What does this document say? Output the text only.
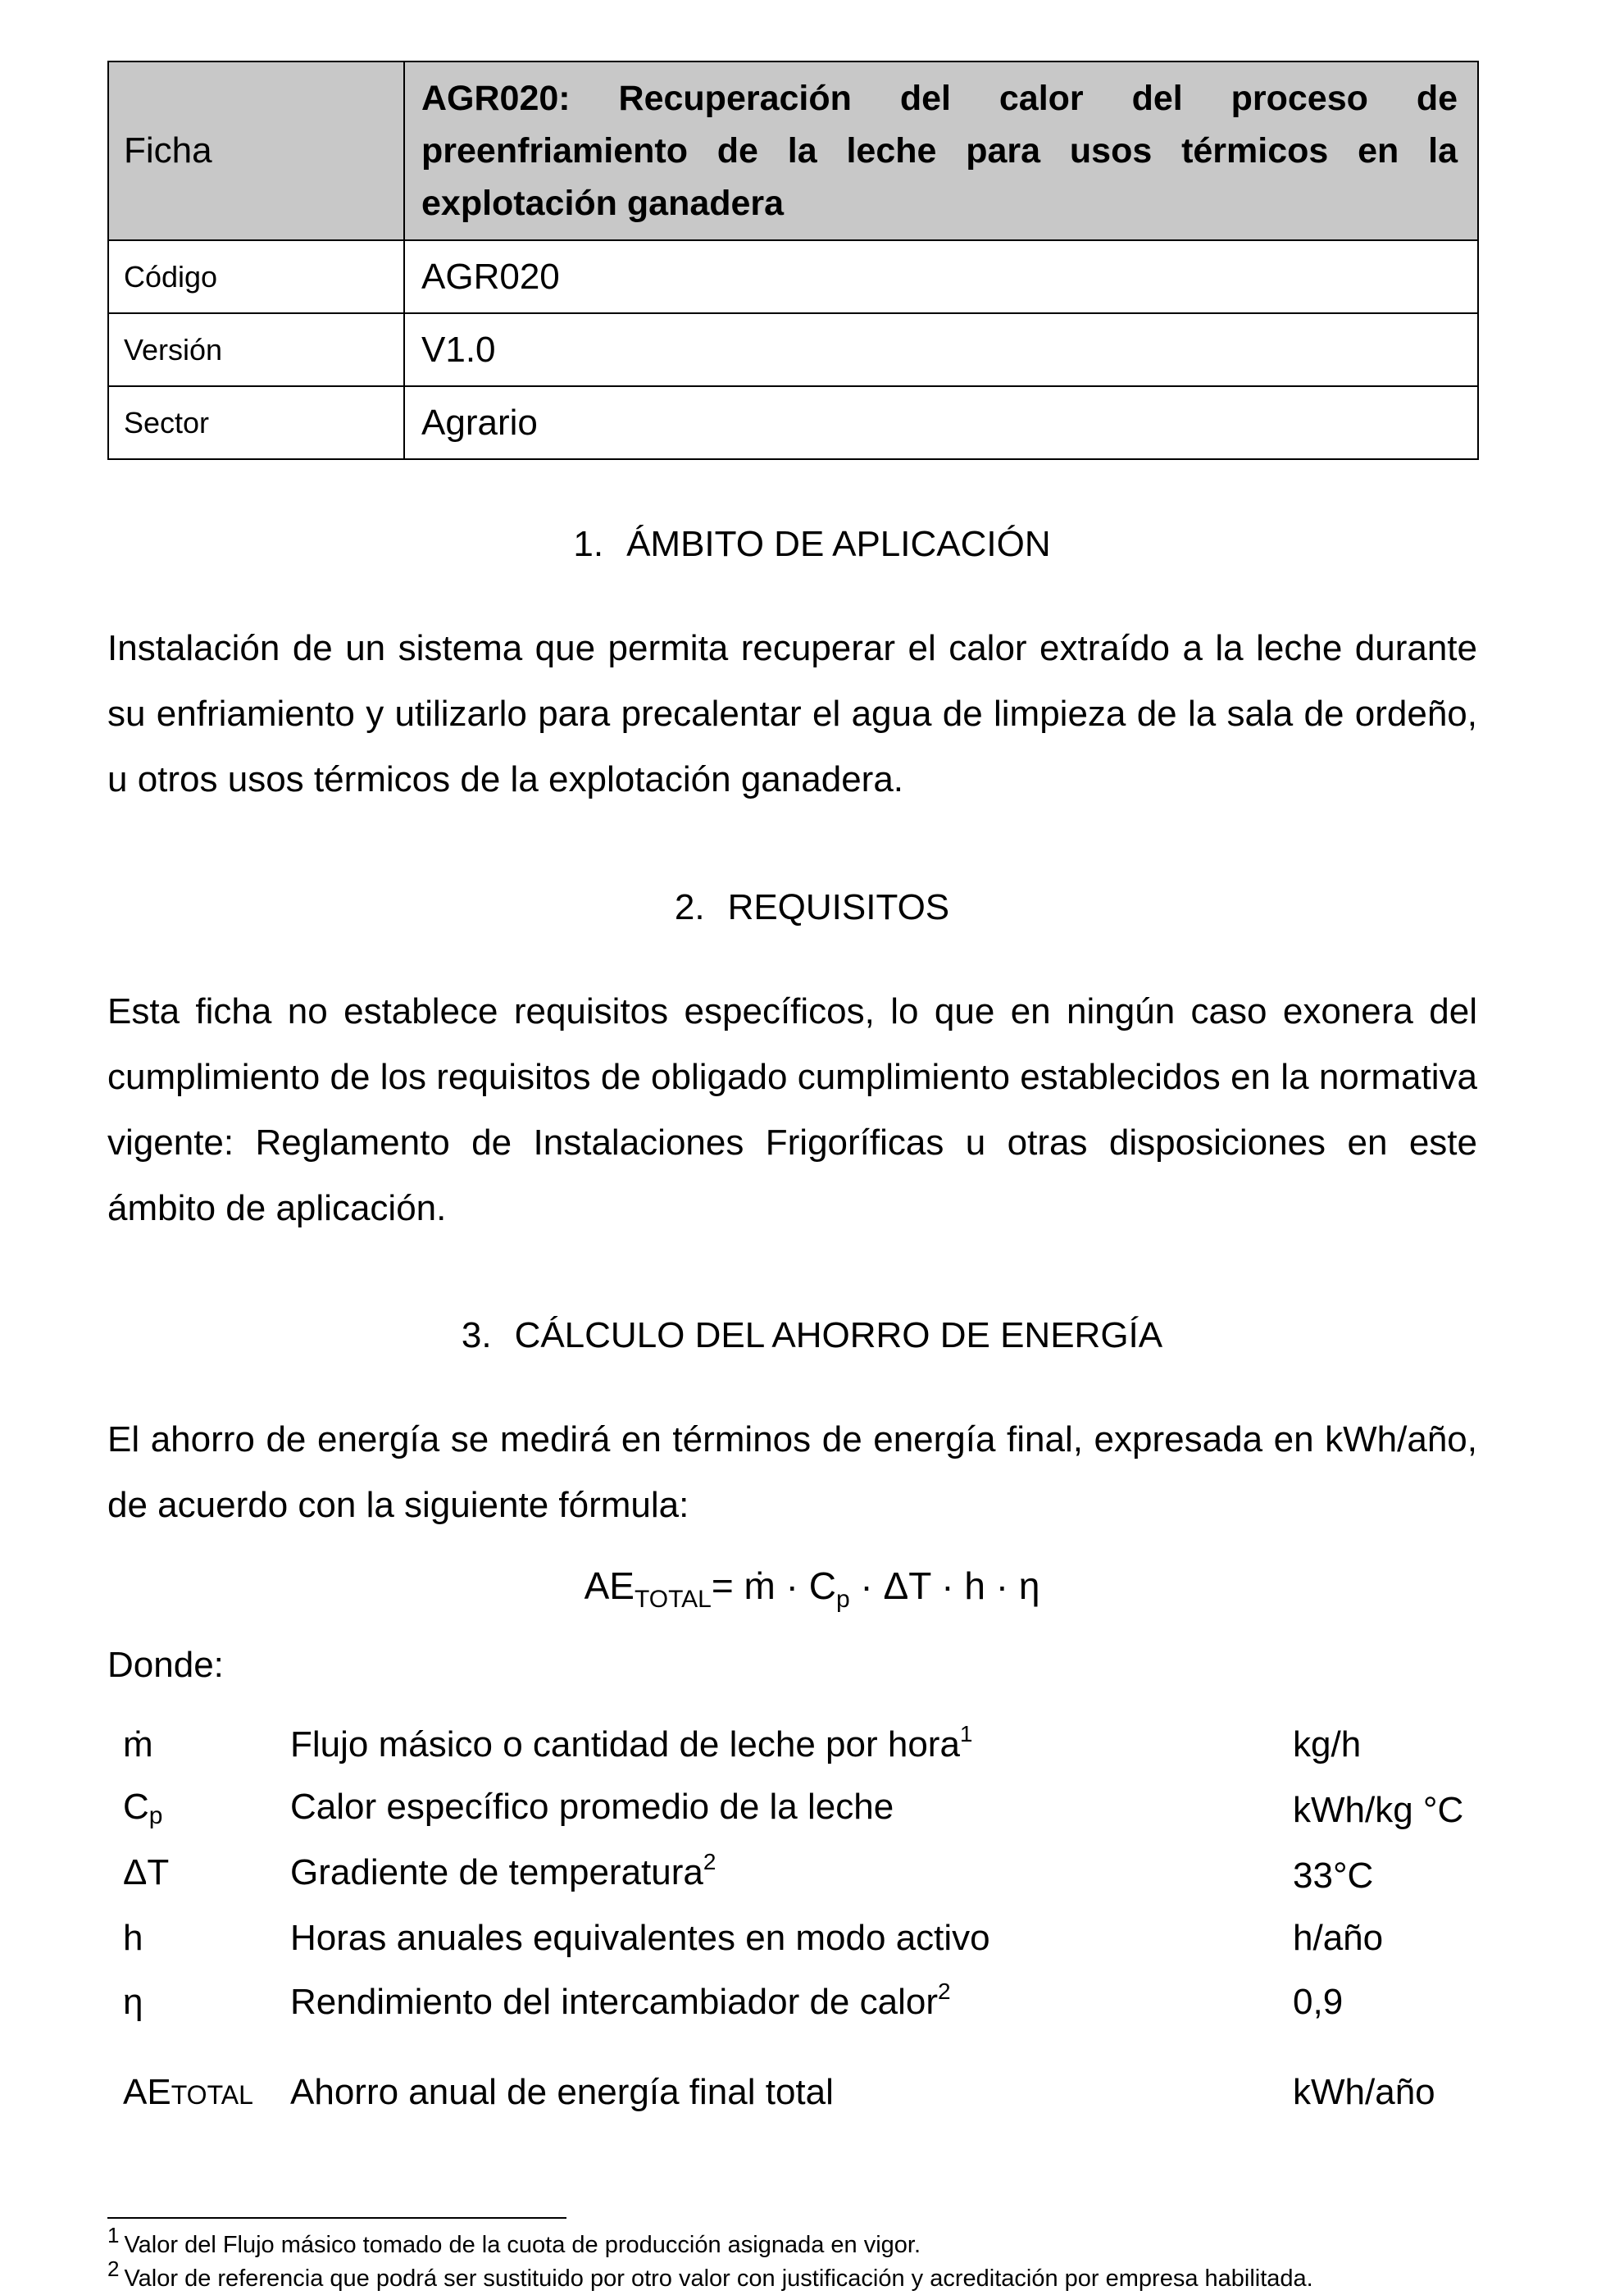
Ficha	AGR020: Recuperación del calor del proceso de preenfriamiento de la leche para usos térmicos en la explotación ganadera
Código	AGR020
Versión	V1.0
Sector	Agrario
1. ÁMBITO DE APLICACIÓN

Instalación de un sistema que permita recuperar el calor extraído a la leche durante su enfriamiento y utilizarlo para precalentar el agua de limpieza de la sala de ordeño, u otros usos térmicos de la explotación ganadera.

2. REQUISITOS

Esta ficha no establece requisitos específicos, lo que en ningún caso exonera del cumplimiento de los requisitos de obligado cumplimiento establecidos en la normativa vigente: Reglamento de Instalaciones Frigoríficas u otras disposiciones en este ámbito de aplicación.

3. CÁLCULO DEL AHORRO DE ENERGÍA

El ahorro de energía se medirá en términos de energía final, expresada en kWh/año, de acuerdo con la siguiente fórmula:

$AE_{TOTAL}=$ ṁ · $C_p \cdot \Delta T \cdot h \cdot \eta$
Donde:
ṁ	Flujo másico o cantidad de leche por hora$^1$	kg/h
Cp	Calor específico promedio de la leche	kWh/kg °C
ΔT	Gradiente de temperatura$^2$	33°C
h	Horas anuales equivalentes en modo activo	h/año
η	Rendimiento del intercambiador de calor$^2$	0,9
AETOTAL Ahorro anual de energía final total	kWh/año
$^1$ Valor del Flujo másico tomado de la cuota de producción asignada en vigor.
$^2$ Valor de referencia que podrá ser sustituido por otro valor con justificación y acreditación por empresa habilitada.
